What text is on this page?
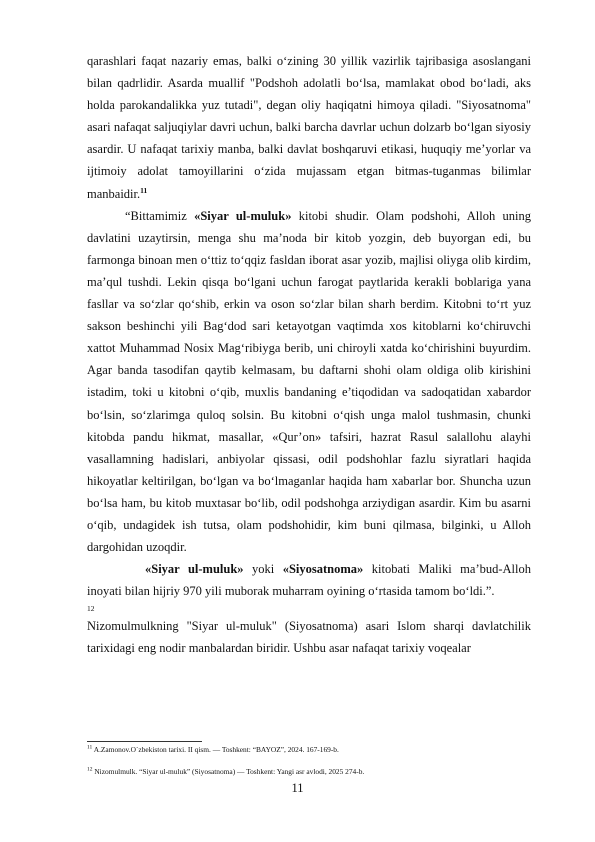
qarashlari faqat nazariy emas, balki o‘zining 30 yillik vazirlik tajribasiga asoslangani bilan qadrlidir. Asarda muallif "Podshoh adolatli bo‘lsa, mamlakat obod bo‘ladi, aks holda parokandalikka yuz tutadi", degan oliy haqiqatni himoya qiladi. "Siyosatnoma" asari nafaqat saljuqiylar davri uchun, balki barcha davrlar uchun dolzarb bo‘lgan siyosiy asardir. U nafaqat tarixiy manba, balki davlat boshqaruvi etikasi, huquqiy me’yorlar va ijtimoiy adolat tamoyillarini o‘zida mujassam etgan bitmas-tuganmas bilimlar manbaidir.$^{11}$

“Bittamimiz «Siyar ul-muluk» kitobi shudir. Olam podshohi, Alloh uning davlatini uzaytirsin, menga shu ma’noda bir kitob yozgin, deb buyorgan edi, bu farmonga binoan men o‘ttiz to‘qqiz fasldan iborat asar yozib, majlisi oliyga olib kirdim, ma’qul tushdi. Lekin qisqa bo‘lgani uchun farogat paytlarida kerakli boblariga yana fasllar va so‘zlar qo‘shib, erkin va oson so‘zlar bilan sharh berdim. Kitobni to‘rt yuz sakson beshinchi yili Bag‘dod sari ketayotgan vaqtimda xos kitoblarni ko‘chiruvchi xattot Muhammad Nosix Mag‘ribiyga berib, uni chiroyli xatda ko‘chirishini buyurdim. Agar banda tasodifan qaytib kelmasam, bu daftarni shohi olam oldiga olib kirishini istadim, toki u kitobni o‘qib, muxlis bandaning e’tiqodidan va sadoqatidan xabardor bo‘lsin, so‘zlarimga quloq solsin. Bu kitobni o‘qish unga malol tushmasin, chunki kitobda pandu hikmat, masallar, «Qur’on» tafsiri, hazrat Rasul salallohu alayhi vasallamning hadislari, anbiyolar qissasi, odil podshohlar fazlu siyratlari haqida hikoyatlar keltirilgan, bo‘lgan va bo‘lmaganlar haqida ham xabarlar bor. Shuncha uzun bo‘lsa ham, bu kitob muxtasar bo‘lib, odil podshohga arziydigan asardir. Kim bu asarni o‘qib, undagidek ish tutsa, olam podshohidir, kim buni qilmasa, bilginki, u Alloh dargohidan uzoqdir.

«Siyar ul-muluk» yoki «Siyosatnoma» kitobati Maliki ma’bud-Alloh inoyati bilan hijriy 970 yili muborak muharram oyining o‘rtasida tamom bo‘ldi.”.

12

Nizomulmulkning "Siyar ul-muluk" (Siyosatnoma) asari Islom sharqi davlatchilik tarixidagi eng nodir manbalardan biridir. Ushbu asar nafaqat tarixiy voqealar

$^{11}$ A.Zamonov.O`zbekiston tarixi. II qism. — Toshkent: “BAYOZ”, 2024. 167-169-b.
$^{12}$ Nizomulmulk. “Siyar ul-muluk” (Siyosatnoma) — Toshkent: Yangi asr avlodi, 2025 274-b.
11
